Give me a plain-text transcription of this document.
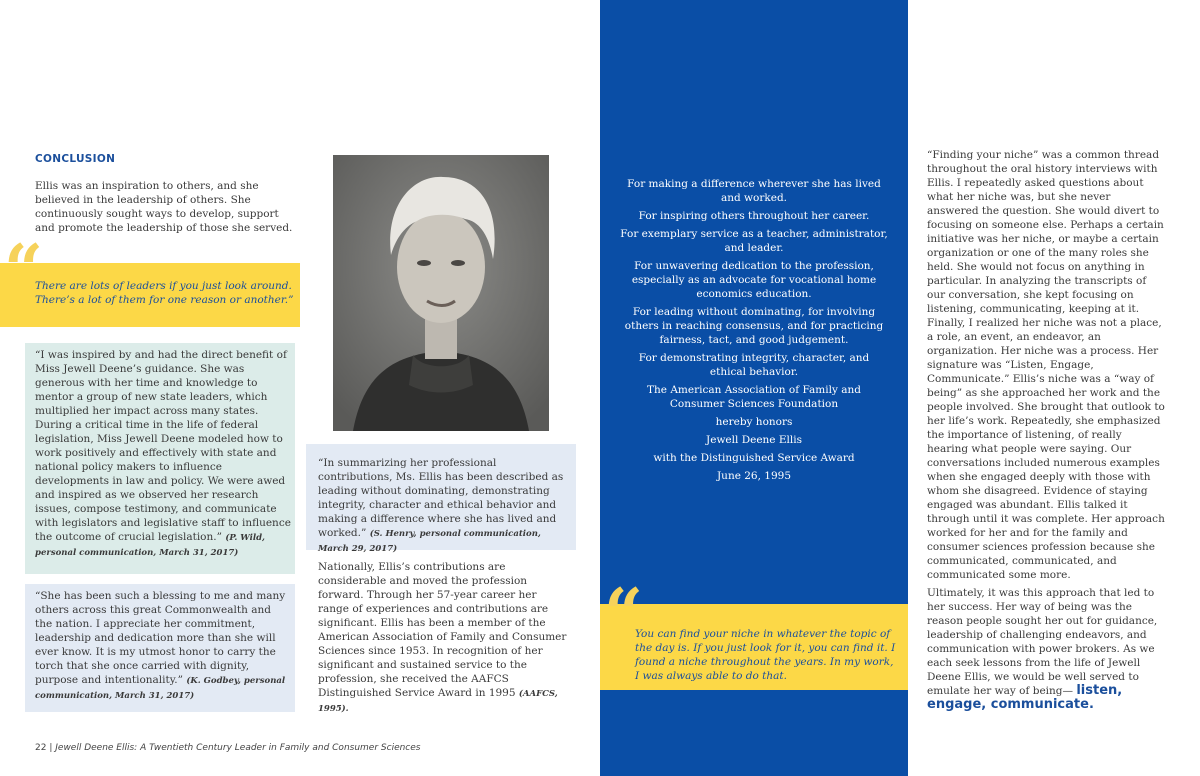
CONCLUSION

Ellis was an inspiration to others, and she believed in the leadership of others. She continuously sought ways to develop, support and promote the leadership of those she served.

“

There are lots of leaders if you just look around. There’s a lot of them for one reason or another.”

“I was inspired by and had the direct benefit of Miss Jewell Deene’s guidance. She was generous with her time and knowledge to mentor a group of new state leaders, which multiplied her impact across many states. During a critical time in the life of federal legislation, Miss Jewell Deene modeled how to work positively and effectively with state and national policy makers to influence developments in law and policy. We were awed and inspired as we observed her research issues, compose testimony, and communicate with legislators and legislative staff to influence the outcome of crucial legislation.” (P. Wild, personal communication, March 31, 2017)

“She has been such a blessing to me and many others across this great Commonwealth and the nation. I appreciate her commitment, leadership and dedication more than she will ever know. It is my utmost honor to carry the torch that she once carried with dignity, purpose and intentionality.” (K. Godbey, personal communication, March 31, 2017)

“In summarizing her professional contributions, Ms. Ellis has been described as leading without dominating, demonstrating integrity, character and ethical behavior and making a difference where she has lived and worked.” (S. Henry, personal communication, March 29, 2017)

Nationally, Ellis’s contributions are considerable and moved the profession forward. Through her 57-year career her range of experiences and contributions are significant. Ellis has been a member of the American Association of Family and Consumer Sciences since 1953. In recognition of her significant and sustained service to the profession, she received the AAFCS Distinguished Service Award in 1995 (AAFCS, 1995).

For making a difference wherever she has lived and worked.

For inspiring others throughout her career.

For exemplary service as a teacher, administrator, and leader.

For unwavering dedication to the profession, especially as an advocate for vocational home economics education.

For leading without dominating, for involving others in reaching consensus, and for practicing fairness, tact, and good judgement.

For demonstrating integrity, character, and ethical behavior.

The American Association of Family and Consumer Sciences Foundation

hereby honors

Jewell Deene Ellis

with the Distinguished Service Award

June 26, 1995

“

You can find your niche in whatever the topic of the day is. If you just look for it, you can find it. I found a niche throughout the years. In my work, I was always able to do that.

“Finding your niche” was a common thread throughout the oral history interviews with Ellis. I repeatedly asked questions about what her niche was, but she never answered the question. She would divert to focusing on someone else. Perhaps a certain initiative was her niche, or maybe a certain organization or one of the many roles she held. She would not focus on anything in particular. In analyzing the transcripts of our conversation, she kept focusing on listening, communicating, keeping at it. Finally, I realized her niche was not a place, a role, an event, an endeavor, an organization. Her niche was a process. Her signature was “Listen, Engage, Communicate.” Ellis’s niche was a “way of being” as she approached her work and the people involved. She brought that outlook to her life’s work. Repeatedly, she emphasized the importance of listening, of really hearing what people were saying. Our conversations included numerous examples when she engaged deeply with those with whom she disagreed. Evidence of staying engaged was abundant. Ellis talked it through until it was complete. Her approach worked for her and for the family and consumer sciences profession because she communicated, communicated, and communicated some more.

Ultimately, it was this approach that led to her success. Her way of being was the reason people sought her out for guidance, leadership of challenging endeavors, and communication with power brokers. As we each seek lessons from the life of Jewell Deene Ellis, we would be well served to emulate her way of being— listen, engage, communicate.

22 | Jewell Deene Ellis: A Twentieth Century Leader in Family and Consumer Sciences
